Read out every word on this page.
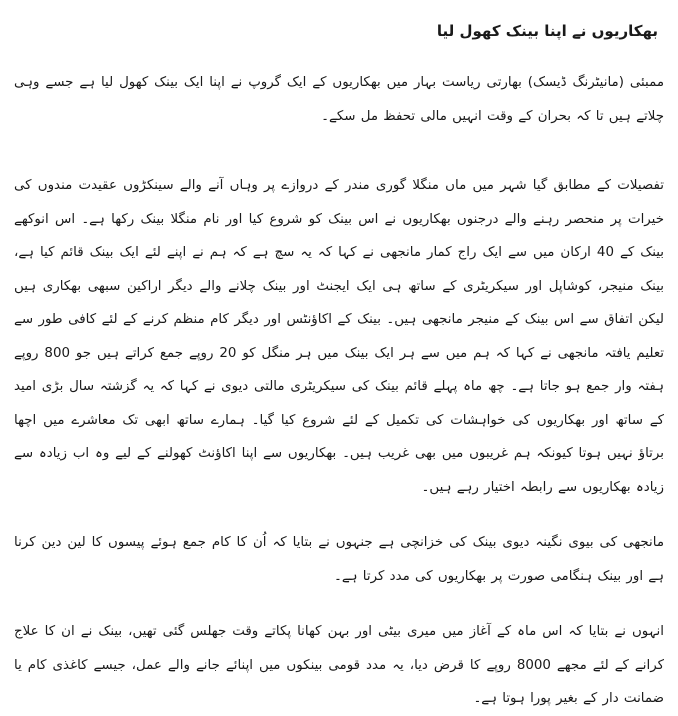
بھکاریوں نے اپنا بینک کھول لیا
ممبئی (مانیٹرنگ ڈیسک) بھارتی ریاست بہار میں بھکاریوں کے ایک گروپ نے اپنا ایک بینک کھول لیا ہے جسے وہی چلاتے ہیں تا کہ بحران کے وقت انہیں مالی تحفظ مل سکے۔
تفصیلات کے مطابق گیا شہر میں ماں منگلا گوری مندر کے دروازے پر وہاں آنے والے سینکڑوں عقیدت مندوں کی خیرات پر منحصر رہنے والے درجنوں بھکاریوں نے اس بینک کو شروع کیا اور نام منگلا بینک رکھا ہے۔ اس انوکھے بینک کے 40 ارکان میں سے ایک راج کمار مانجھی نے کہا کہ یہ سچ ہے کہ ہم نے اپنے لئے ایک بینک قائم کیا ہے، بینک منیجر، کوشاپل اور سیکریٹری کے ساتھ ہی ایک ایجنٹ اور بینک چلانے والے دیگر اراکین سبھی بھکاری ہیں لیکن اتفاق سے اس بینک کے منیجر مانجھی ہیں۔ بینک کے اکاؤنٹس اور دیگر کام منظم کرنے کے لئے کافی طور سے تعلیم یافتہ مانجھی نے کہا کہ ہم میں سے ہر ایک بینک میں ہر منگل کو 20 روپے جمع کراتے ہیں جو 800 روپے ہفتہ وار جمع ہو جاتا ہے۔ چھ ماہ پہلے قائم بینک کی سیکریٹری مالتی دیوی نے کہا کہ یہ گزشتہ سال بڑی امید کے ساتھ اور بھکاریوں کی خواہشات کی تکمیل کے لئے شروع کیا گیا۔ ہمارے ساتھ ابھی تک معاشرے میں اچھا برتاؤ نہیں ہوتا کیونکہ ہم غریبوں میں بھی غریب ہیں۔ بھکاریوں سے اپنا اکاؤنٹ کھولنے کے لیے وہ اب زیادہ سے زیادہ بھکاریوں سے رابطہ اختیار رہے ہیں۔
مانجھی کی بیوی نگینہ دیوی بینک کی خزانچی ہے جنہوں نے بتایا کہ اُن کا کام جمع ہوئے پیسوں کا لین دین کرنا ہے اور بینک ہنگامی صورت پر بھکاریوں کی مدد کرتا ہے۔
انہوں نے بتایا کہ اس ماہ کے آغاز میں میری بیٹی اور بہن کھانا پکاتے وقت جھلس گئی تھیں، بینک نے ان کا علاج کرانے کے لئے مجھے 8000 روپے کا قرض دیا، یہ مدد قومی بینکوں میں اپنائے جانے والے عمل، جیسے کاغذی کام یا ضمانت دار کے بغیر پورا ہوتا ہے۔
